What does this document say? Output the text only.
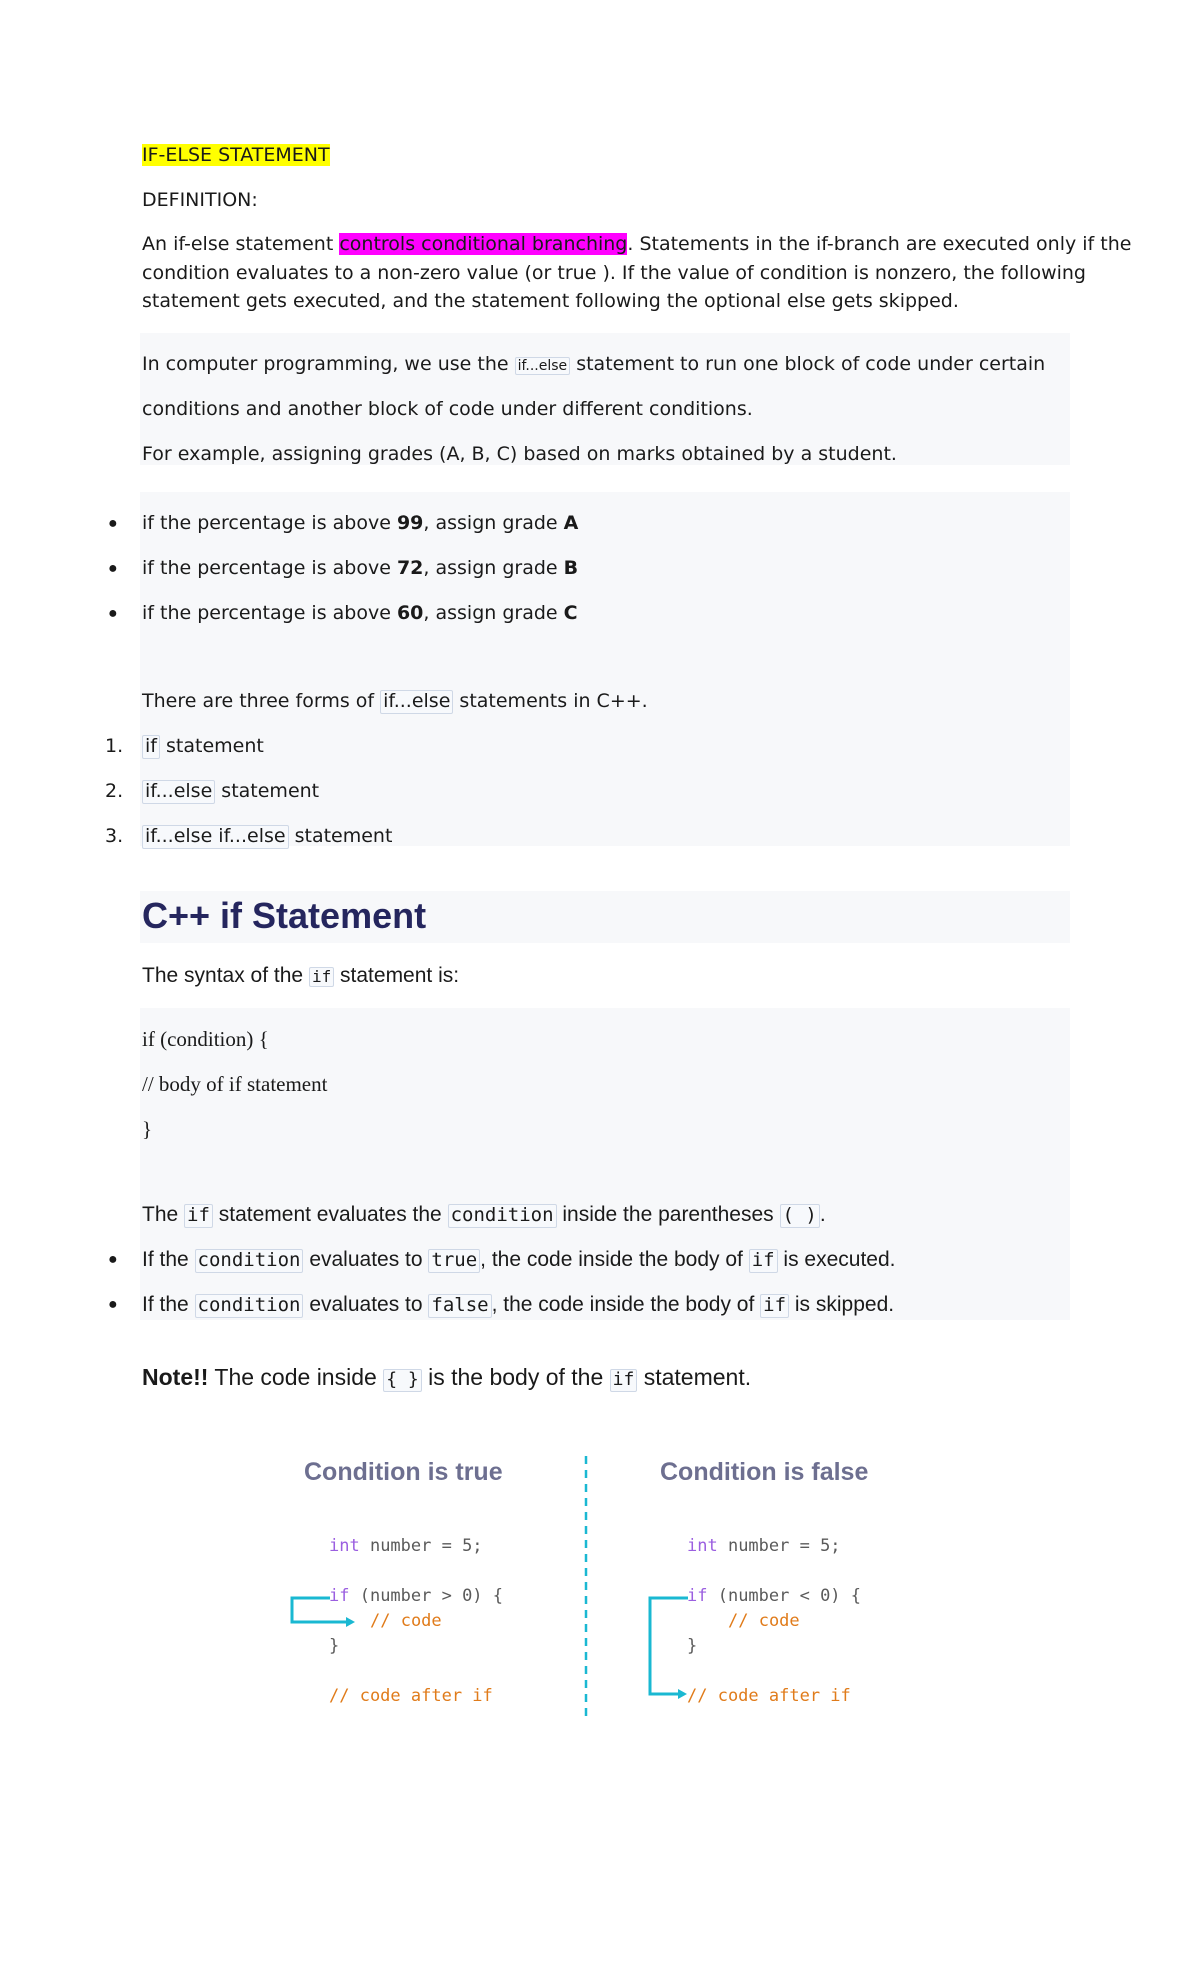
IF-ELSE STATEMENT
DEFINITION:
An if-else statement controls conditional branching. Statements in the if-branch are executed only if the
condition evaluates to a non-zero value (or true ). If the value of condition is nonzero, the following
statement gets executed, and the statement following the optional else gets skipped.
In computer programming, we use the if...else statement to run one block of code under certain
conditions and another block of code under different conditions.
For example, assigning grades (A, B, C) based on marks obtained by a student.
● if the percentage is above 99, assign grade A
● if the percentage is above 72, assign grade B
● if the percentage is above 60, assign grade C
There are three forms of if...else statements in C++.
1. if statement
2. if...else statement
3. if...else if...else statement
C++ if Statement
The syntax of the if statement is:
if (condition) {
// body of if statement
}
The if statement evaluates the condition inside the parentheses ( ) .
● If the condition evaluates to true , the code inside the body of if is executed.
● If the condition evaluates to false , the code inside the body of if is skipped.
Note!! The code inside { } is the body of the if statement.
Condition is true	Condition is false
int number = 5;
if (number > 0) {
// code
}
// code after if
int number = 5;
if (number < 0) {
// code
}
// code after if
